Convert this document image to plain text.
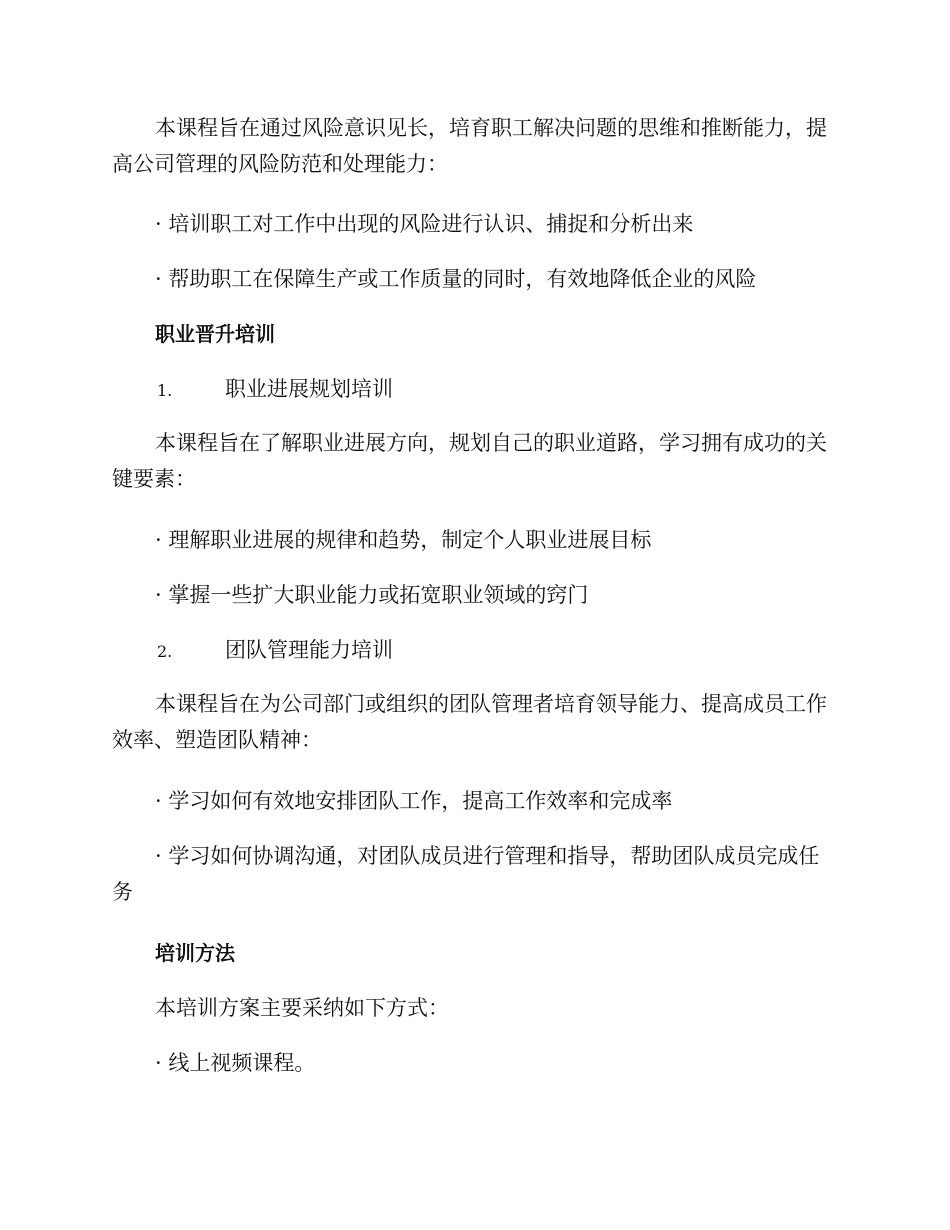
本课程旨在通过风险意识见长，培育职工解决问题的思维和推断能力，提高公司管理的风险防范和处理能力：
· 培训职工对工作中出现的风险进行认识、捕捉和分析出来
· 帮助职工在保障生产或工作质量的同时，有效地降低企业的风险
职业晋升培训
1.	职业进展规划培训
本课程旨在了解职业进展方向，规划自己的职业道路，学习拥有成功的关键要素：
· 理解职业进展的规律和趋势，制定个人职业进展目标
· 掌握一些扩大职业能力或拓宽职业领域的窍门
2.	团队管理能力培训
本课程旨在为公司部门或组织的团队管理者培育领导能力、提高成员工作效率、塑造团队精神：
· 学习如何有效地安排团队工作，提高工作效率和完成率
· 学习如何协调沟通，对团队成员进行管理和指导，帮助团队成员完成任务
培训方法
本培训方案主要采纳如下方式：
· 线上视频课程。
